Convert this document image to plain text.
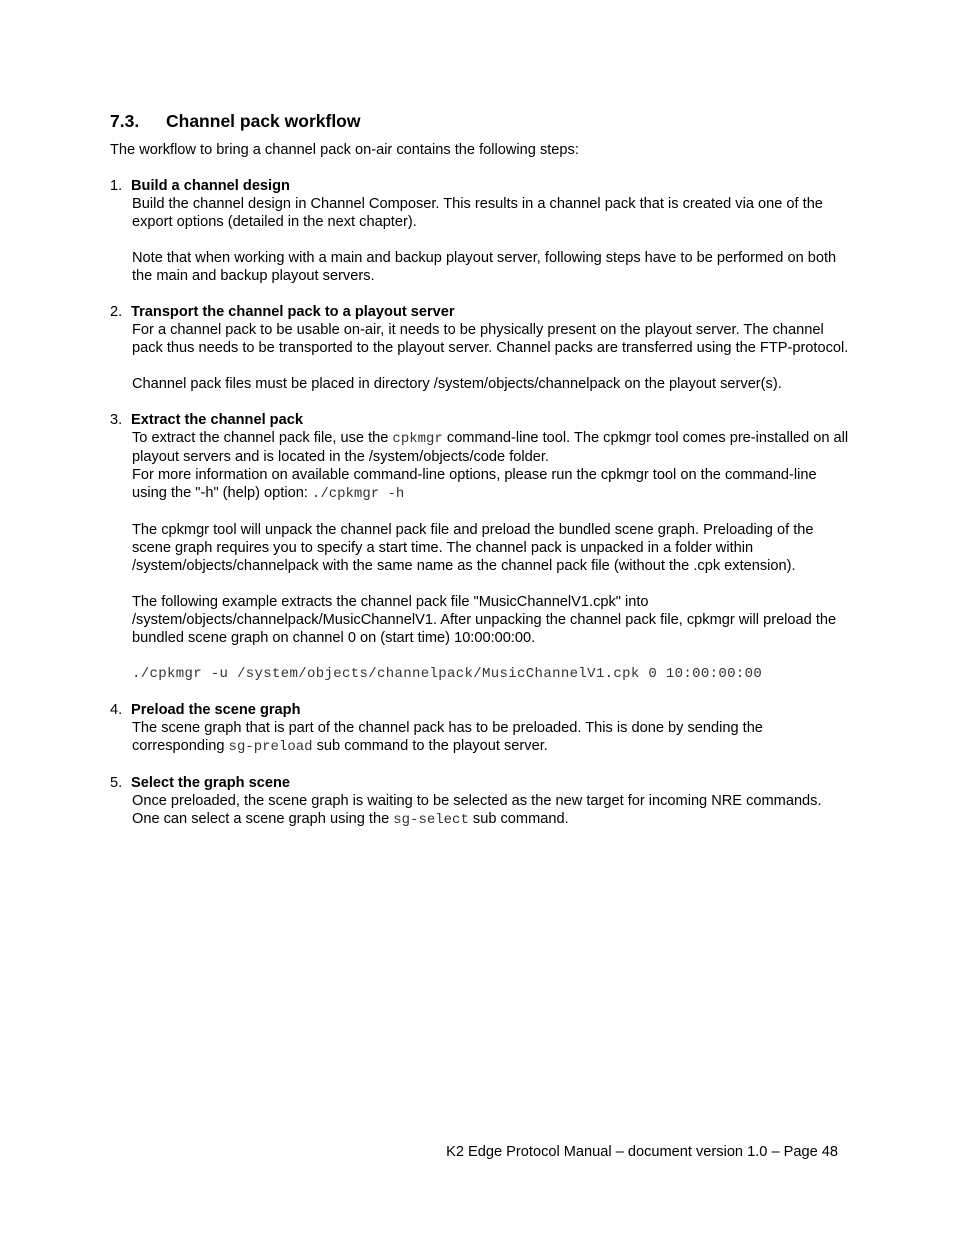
7.3. Channel pack workflow
The workflow to bring a channel pack on-air contains the following steps:
1. Build a channel design
Build the channel design in Channel Composer. This results in a channel pack that is created via one of the export options (detailed in the next chapter).
Note that when working with a main and backup playout server, following steps have to be performed on both the main and backup playout servers.
2. Transport the channel pack to a playout server
For a channel pack to be usable on-air, it needs to be physically present on the playout server. The channel pack thus needs to be transported to the playout server. Channel packs are transferred using the FTP-protocol.
Channel pack files must be placed in directory /system/objects/channelpack on the playout server(s).
3. Extract the channel pack
To extract the channel pack file, use the cpkmgr command-line tool. The cpkmgr tool comes pre-installed on all playout servers and is located in the /system/objects/code folder.
For more information on available command-line options, please run the cpkmgr tool on the command-line using the "-h" (help) option: ./cpkmgr -h
The cpkmgr tool will unpack the channel pack file and preload the bundled scene graph. Preloading of the scene graph requires you to specify a start time. The channel pack is unpacked in a folder within /system/objects/channelpack with the same name as the channel pack file (without the .cpk extension).
The following example extracts the channel pack file "MusicChannelV1.cpk" into /system/objects/channelpack/MusicChannelV1. After unpacking the channel pack file, cpkmgr will preload the bundled scene graph on channel 0 on (start time) 10:00:00:00.
./cpkmgr -u /system/objects/channelpack/MusicChannelV1.cpk 0 10:00:00:00
4. Preload the scene graph
The scene graph that is part of the channel pack has to be preloaded. This is done by sending the corresponding sg-preload sub command to the playout server.
5. Select the graph scene
Once preloaded, the scene graph is waiting to be selected as the new target for incoming NRE commands. One can select a scene graph using the sg-select sub command.
K2 Edge Protocol Manual – document version 1.0 – Page 48
